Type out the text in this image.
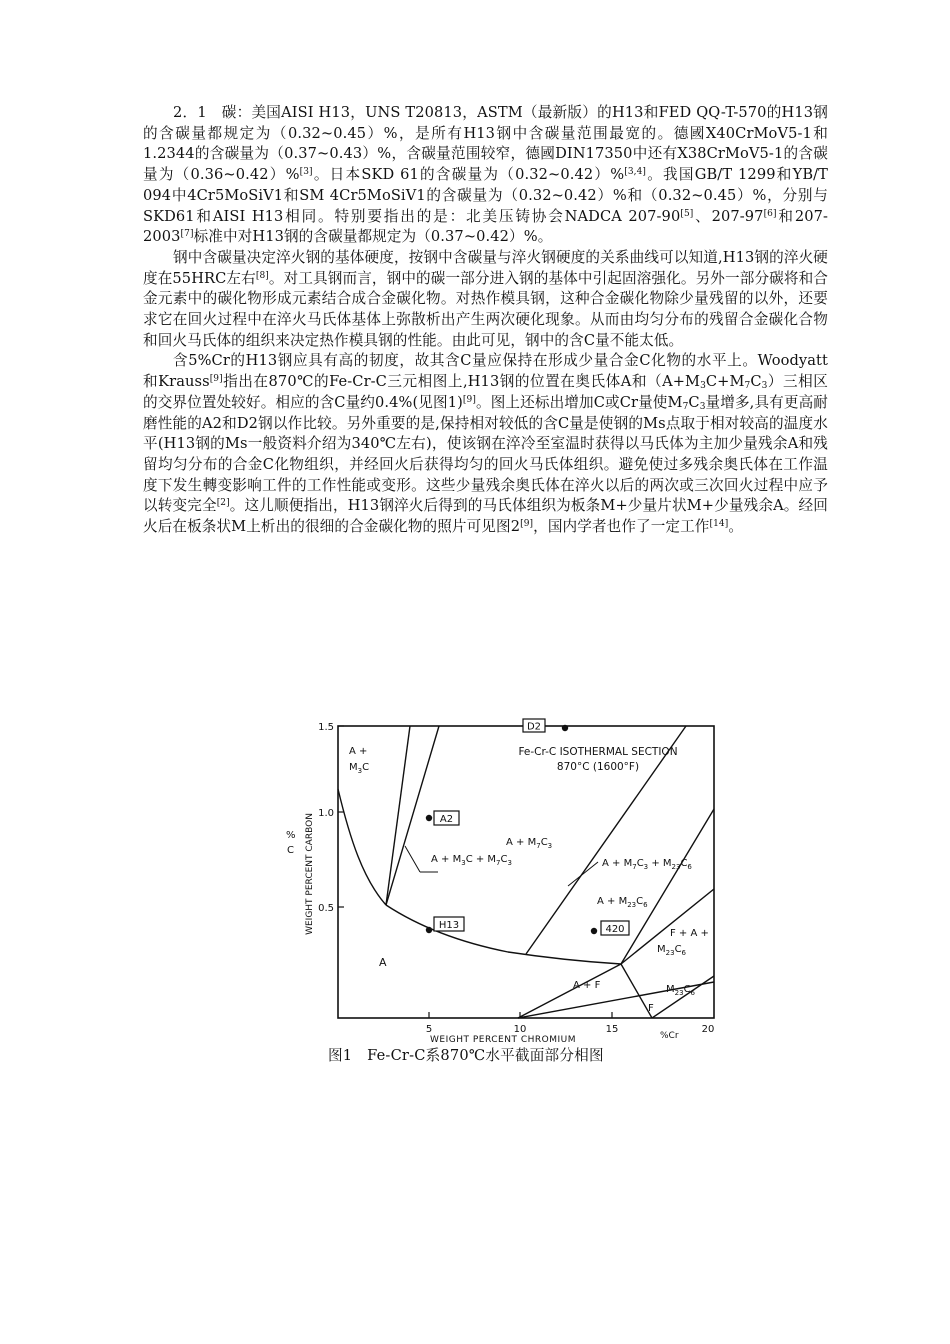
2．1　碳：美国AISI H13，UNS T20813，ASTM（最新版）的H13和FED QQ-T-570的H13钢的含碳量都规定为（0.32~0.45）%，是所有H13钢中含碳量范围最宽的。德國X40CrMoV5-1和1.2344的含碳量为（0.37~0.43）%，含碳量范围较窄，德國DIN17350中还有X38CrMoV5-1的含碳量为（0.36~0.42）%[3]。日本SKD 61的含碳量为（0.32~0.42）%[3,4]。我国GB/T 1299和YB/T 094中4Cr5MoSiV1和SM 4Cr5MoSiV1的含碳量为（0.32~0.42）%和（0.32~0.45）%，分别与SKD61和AISI H13相同。特别要指出的是：北美压铸协会NADCA 207-90[5]、207-97[6]和207-2003[7]标准中对H13钢的含碳量都规定为（0.37~0.42）%。

钢中含碳量决定淬火钢的基体硬度，按钢中含碳量与淬火钢硬度的关系曲线可以知道,H13钢的淬火硬度在55HRC左右[8]。对工具钢而言，钢中的碳一部分进入钢的基体中引起固溶强化。另外一部分碳将和合金元素中的碳化物形成元素结合成合金碳化物。对热作模具钢，这种合金碳化物除少量残留的以外，还要求它在回火过程中在淬火马氏体基体上弥散析出产生两次硬化现象。从而由均匀分布的残留合金碳化合物和回火马氏体的组织来决定热作模具钢的性能。由此可见，钢中的含C量不能太低。

含5%Cr的H13钢应具有高的韧度，故其含C量应保持在形成少量合金C化物的水平上。Woodyatt 和Krauss[9]指出在870℃的Fe-Cr-C三元相图上,H13钢的位置在奥氏体A和$(A+M_3C+M_7C_3)$三相区的交界位置处较好。相应的含C量约0.4%(见图1)[9]。图上还标出增加C或Cr量使$M_7C_3$量增多,具有更高耐磨性能的A2和D2钢以作比较。另外重要的是,保持相对较低的含C量是使钢的Ms点取于相对较高的温度水平(H13钢的Ms一般资料介绍为340℃左右)，使该钢在淬冷至室温时获得以马氏体为主加少量残余A和残留均匀分布的合金C化物组织，并经回火后获得均匀的回火马氏体组织。避免使过多残余奥氏体在工作温度下发生轉变影响工件的工作性能或变形。这些少量残余奥氏体在淬火以后的两次或三次回火过程中应予以转变完全[2]。这儿顺便指出，H13钢淬火后得到的马氏体组织为板条M+少量片状M+少量残余A。经回火后在板条状M上析出的很细的合金碳化物的照片可见图2[9]，国内学者也作了一定工作[14]。

D2
A2
H13	420
Fe-Cr-C ISOTHERMAL SECTION
870°C (1600°F)
A +
$M_3C$
$A + M_7C_3$
$A + M_3C + M_7C_3$	$A + M_7C_3 + M_{23}C_6$
$A + M_{23}C_6$
F + A +
$M_{23}C_6$
A + F	$M_{23}C_6$
F
A
1.5
1.0
0.5
5	10	15	20
WEIGHT PERCENT CARBON
WEIGHT PERCENT CHROMIUM
%
C
%Cr
图1　Fe-Cr-C系870℃水平截面部分相图
